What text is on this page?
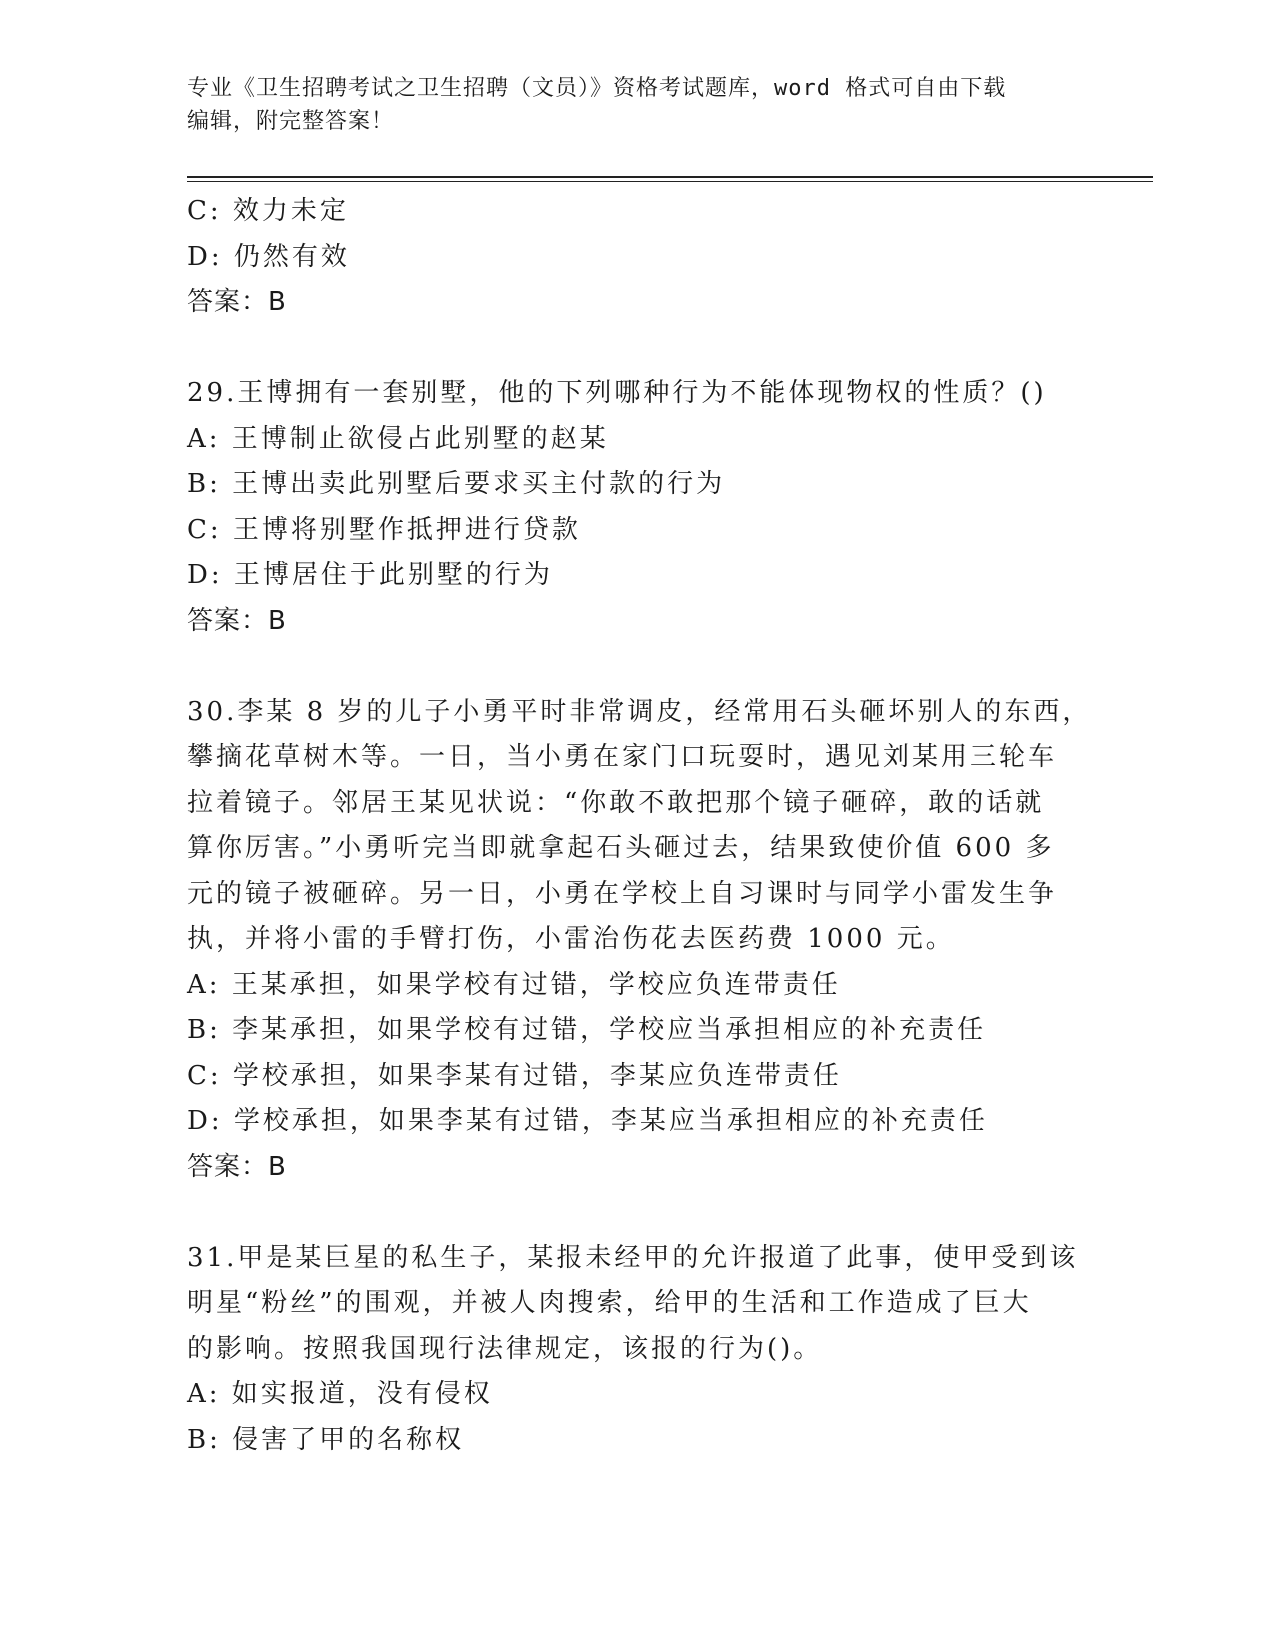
专业《卫生招聘考试之卫生招聘（文员）》资格考试题库，word 格式可自由下载
编辑，附完整答案！
C: 效力未定
D: 仍然有效
答案：B
29.王博拥有一套别墅，他的下列哪种行为不能体现物权的性质？()
A: 王博制止欲侵占此别墅的赵某
B: 王博出卖此别墅后要求买主付款的行为
C: 王博将别墅作抵押进行贷款
D: 王博居住于此别墅的行为
答案：B
30.李某 8 岁的儿子小勇平时非常调皮，经常用石头砸坏别人的东西，
攀摘花草树木等。一日，当小勇在家门口玩耍时，遇见刘某用三轮车
拉着镜子。邻居王某见状说：“你敢不敢把那个镜子砸碎，敢的话就
算你厉害。”小勇听完当即就拿起石头砸过去，结果致使价值 600 多
元的镜子被砸碎。另一日，小勇在学校上自习课时与同学小雷发生争
执，并将小雷的手臂打伤，小雷治伤花去医药费 1000 元。
A: 王某承担，如果学校有过错，学校应负连带责任
B: 李某承担，如果学校有过错，学校应当承担相应的补充责任
C: 学校承担，如果李某有过错，李某应负连带责任
D: 学校承担，如果李某有过错，李某应当承担相应的补充责任
答案：B
31.甲是某巨星的私生子，某报未经甲的允许报道了此事，使甲受到该
明星“粉丝”的围观，并被人肉搜索，给甲的生活和工作造成了巨大
的影响。按照我国现行法律规定，该报的行为()。
A: 如实报道，没有侵权
B: 侵害了甲的名称权
